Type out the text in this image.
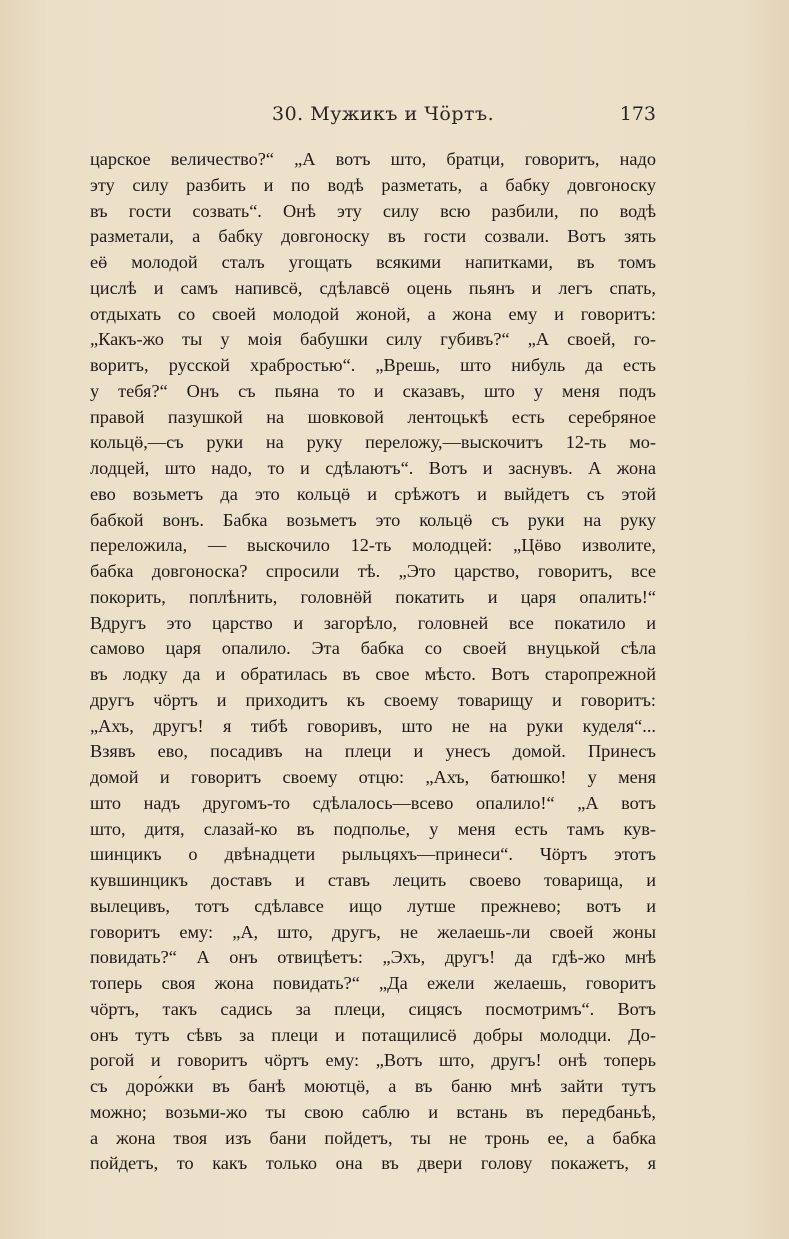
30. Мужикъ и Чӧртъ.	173
царское величество?“ „А вотъ што, братци, говоритъ, надо
эту силу разбить и по водѣ разметать, а бабку довгоноску
въ гости созвать“. Онѣ эту силу всю разбили, по водѣ
разметали, а бабку довгоноску въ гости созвали. Вотъ зять
еӫ молодой сталъ угощать всякими напитками, въ томъ
цислѣ и самъ напивсӫ, сдѣлавсӫ оцень пьянъ и легъ спать,
отдыхать со своей молодой жоной, а жона ему и говоритъ:
„Какъ-жо ты у моія бабушки силу губивъ?“ „А своей, го-
воритъ, русской храбростью“. „Врешь, што нибуль да есть
у тебя?“ Онъ съ пьяна то и сказавъ, што у меня подъ
правой пазушкой на шовковой лентоцькѣ есть серебряное
кольцӫ,—съ руки на руку переложу,—выскочитъ 12-ть мо-
лодцей, што надо, то и сдѣлаютъ“. Вотъ и заснувъ. А жона
ево возьметъ да это кольцӫ и срѣжотъ и выйдетъ съ этой
бабкой вонъ. Бабка возьметъ это кольцӫ съ руки на руку
переложила, — выскочило 12-ть молодцей: „Цӫво изволите,
бабка довгоноска? спросили тѣ. „Это царство, говоритъ, все
покорить, поплѣнить, головнӫй покатить и царя опалить!“
Вдругъ это царство и загорѣло, головней все покатило и
самово царя опалило. Эта бабка со своей внуцькой сѣла
въ лодку да и обратилась въ свое мѣсто. Вотъ старопрежной
другъ чӧртъ и приходитъ къ своему товарищу и говоритъ:
„Ахъ, другъ! я тибѣ говоривъ, што не на руки куделя“...
Взявъ ево, посадивъ на плеци и унесъ домой. Принесъ
домой и говоритъ своему отцю: „Ахъ, батюшко! у меня
што надъ другомъ-то сдѣлалось—всево опалило!“ „А вотъ
што, дитя, слазай-ко въ подполье, у меня есть тамъ кув-
шинцикъ о двѣнадцети рыльцяхъ—принеси“. Чӧртъ этотъ
кувшинцикъ доставъ и ставъ лецить своево товарища, и
вылецивъ, тотъ сдѣлавсе ищо лутше прежнево; вотъ и
говоритъ ему: „А, што, другъ, не желаешь-ли своей жоны
повидать?“ А онъ отвицѣетъ: „Эхъ, другъ! да гдѣ-жо мнѣ
топерь своя жона повидать?“ „Да ежели желаешь, говоритъ
чӧртъ, такъ садись за плеци, сицясъ посмотримъ“. Вотъ
онъ тутъ сѣвъ за плеци и потащилисӫ добры молодци. До-
рогой и говоритъ чӧртъ ему: „Вотъ што, другъ! онѣ топерь
съ доро́жки въ банѣ моютцӫ, а въ баню мнѣ зайти тутъ
можно; возьми-жо ты свою саблю и встань въ передбаньѣ,
а жона твоя изъ бани пойдетъ, ты не тронь ее, а бабка
пойдетъ, то какъ только она въ двери голову покажетъ, я
